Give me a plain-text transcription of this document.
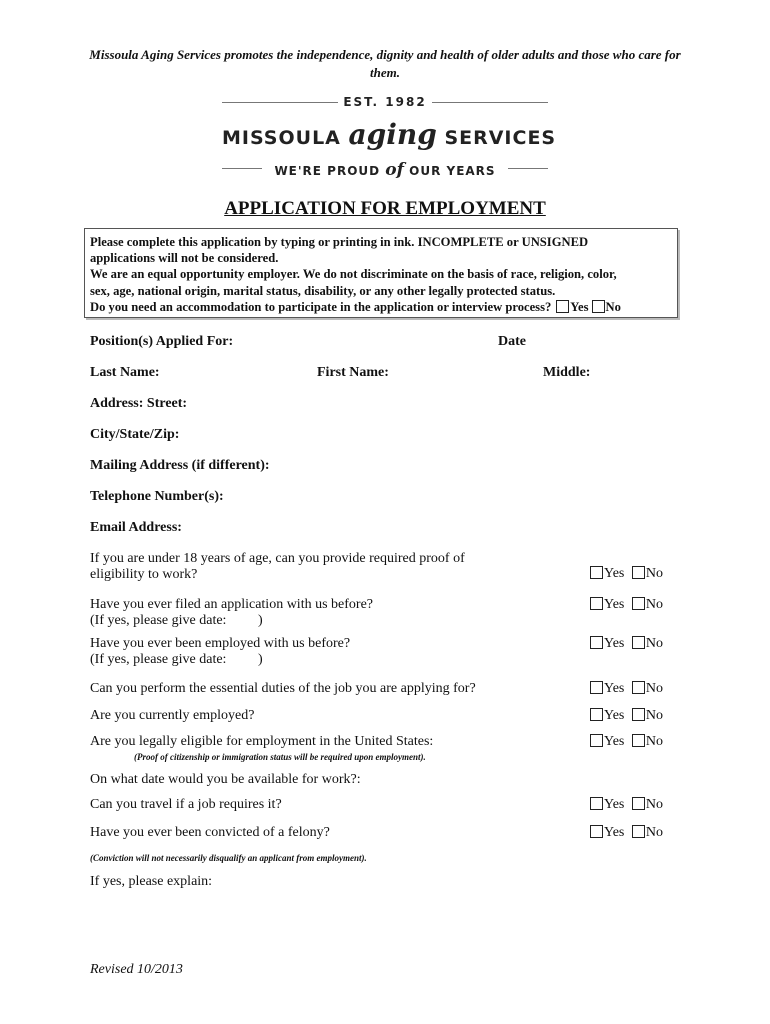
Missoula Aging Services promotes the independence, dignity and health of older adults and those who care for them.
EST. 1982
MISSOULA aging SERVICES
WE'RE PROUD of OUR YEARS
APPLICATION FOR EMPLOYMENT
Please complete this application by typing or printing in ink. INCOMPLETE or UNSIGNED
applications will not be considered.
We are an equal opportunity employer. We do not discriminate on the basis of race, religion, color,
sex, age, national origin, marital status, disability, or any other legally protected status.
Do you need an accommodation to participate in the application or interview process? Yes No
Position(s) Applied For:	Date
Last Name:	First Name:	Middle:
Address: Street:
City/State/Zip:
Mailing Address (if different):
Telephone Number(s):
Email Address:
If you are under 18 years of age, can you provide required proof of
eligibility to work?	Yes No
Have you ever filed an application with us before?
(If yes, please give date:         )
Yes No
Have you ever been employed with us before?
(If yes, please give date:         )
Yes No
Can you perform the essential duties of the job you are applying for?	Yes No
Are you currently employed?	Yes No
Are you legally eligible for employment in the United States:	Yes No
(Proof of citizenship or immigration status will be required upon employment).
On what date would you be available for work?:
Can you travel if a job requires it?	Yes No
Have you ever been convicted of a felony?	Yes No
(Conviction will not necessarily disqualify an applicant from employment).
If yes, please explain:
Revised 10/2013
